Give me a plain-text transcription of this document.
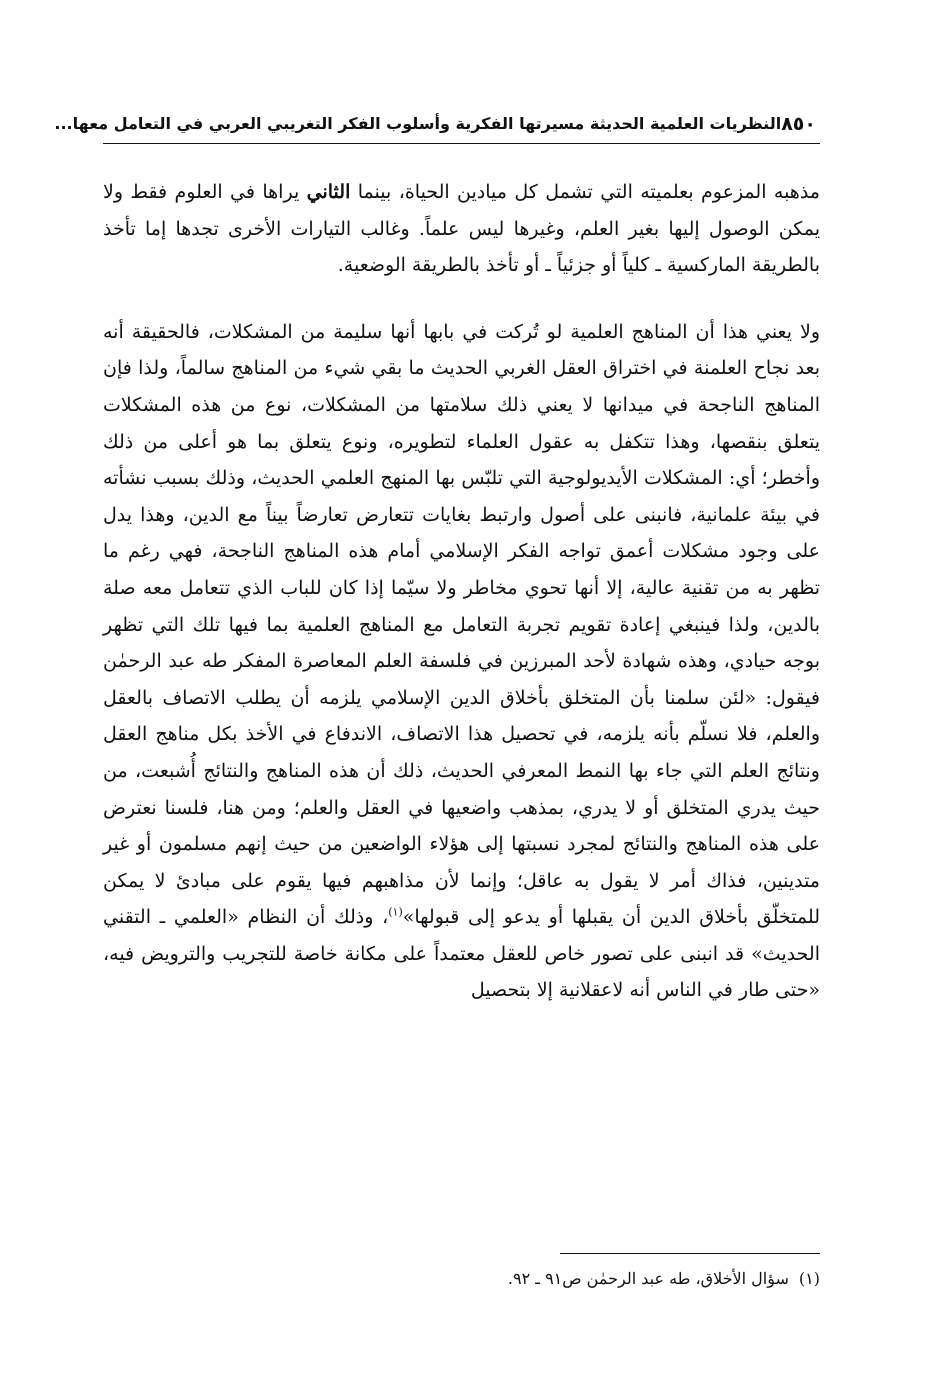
٨٥٠
النظريات العلمية الحديثة مسيرتها الفكرية وأسلوب الفكر التغريبي العربي في التعامل معها...

مذهبه المزعوم بعلميته التي تشمل كل ميادين الحياة، بينما الثاني يراها في العلوم فقط ولا يمكن الوصول إليها بغير العلم، وغيرها ليس علماً. وغالب التيارات الأخرى تجدها إما تأخذ بالطريقة الماركسية ـ كلياً أو جزئياً ـ أو تأخذ بالطريقة الوضعية.

ولا يعني هذا أن المناهج العلمية لو تُركت في بابها أنها سليمة من المشكلات، فالحقيقة أنه بعد نجاح العلمنة في اختراق العقل الغربي الحديث ما بقي شيء من المناهج سالماً، ولذا فإن المناهج الناجحة في ميدانها لا يعني ذلك سلامتها من المشكلات، نوع من هذه المشكلات يتعلق بنقصها، وهذا تتكفل به عقول العلماء لتطويره، ونوع يتعلق بما هو أعلى من ذلك وأخطر؛ أي: المشكلات الأيديولوجية التي تلبّس بها المنهج العلمي الحديث، وذلك بسبب نشأته في بيئة علمانية، فانبنى على أصول وارتبط بغايات تتعارض تعارضاً بيناً مع الدين، وهذا يدل على وجود مشكلات أعمق تواجه الفكر الإسلامي أمام هذه المناهج الناجحة، فهي رغم ما تظهر به من تقنية عالية، إلا أنها تحوي مخاطر ولا سيّما إذا كان للباب الذي تتعامل معه صلة بالدين، ولذا فينبغي إعادة تقويم تجربة التعامل مع المناهج العلمية بما فيها تلك التي تظهر بوجه حيادي، وهذه شهادة لأحد المبرزين في فلسفة العلم المعاصرة المفكر طه عبد الرحمٰن فيقول: «لئن سلمنا بأن المتخلق بأخلاق الدين الإسلامي يلزمه أن يطلب الاتصاف بالعقل والعلم، فلا نسلّم بأنه يلزمه، في تحصيل هذا الاتصاف، الاندفاع في الأخذ بكل مناهج العقل ونتائج العلم التي جاء بها النمط المعرفي الحديث، ذلك أن هذه المناهج والنتائج أُشبعت، من حيث يدري المتخلق أو لا يدري، بمذهب واضعيها في العقل والعلم؛ ومن هنا، فلسنا نعترض على هذه المناهج والنتائج لمجرد نسبتها إلى هؤلاء الواضعين من حيث إنهم مسلمون أو غير متدينين، فذاك أمر لا يقول به عاقل؛ وإنما لأن مذاهبهم فيها يقوم على مبادئ لا يمكن للمتخلّق بأخلاق الدين أن يقبلها أو يدعو إلى قبولها»$^{(١)}$، وذلك أن النظام «العلمي ـ التقني الحديث» قد انبنى على تصور خاص للعقل معتمداً على مكانة خاصة للتجريب والترويض فيه، «حتى طار في الناس أنه لاعقلانية إلا بتحصيل

(١)سؤال الأخلاق، طه عبد الرحمٰن ص٩١ ـ ٩٢.
